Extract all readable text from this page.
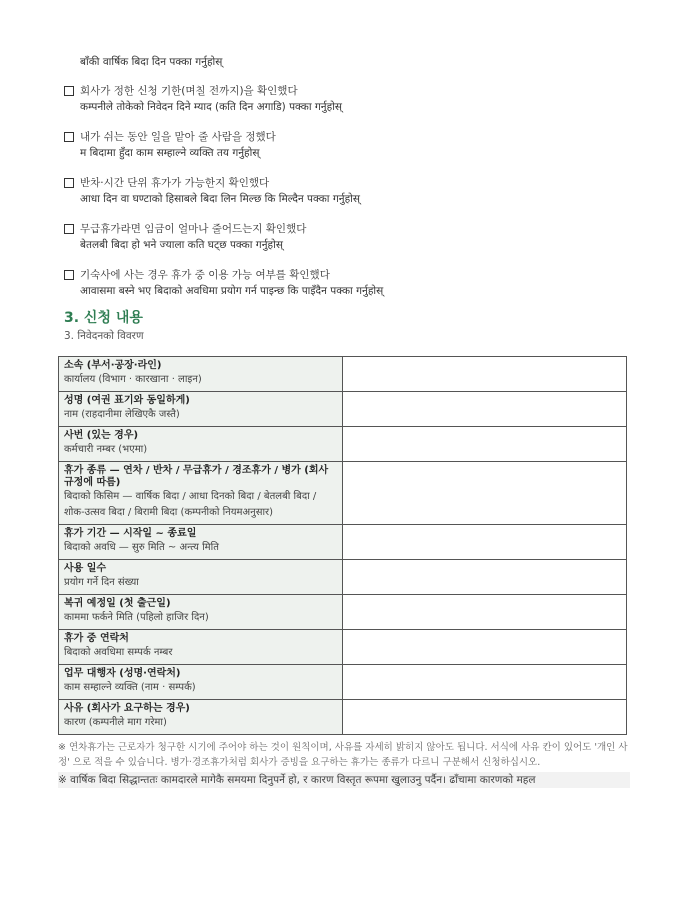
बाँकी वार्षिक बिदा दिन पक्का गर्नुहोस्
회사가 정한 신청 기한(며칠 전까지)을 확인했다
कम्पनीले तोकेको निवेदन दिने म्याद (कति दिन अगाडि) पक्का गर्नुहोस्
내가 쉬는 동안 일을 맡아 줄 사람을 정했다
म बिदामा हुँदा काम सम्हाल्ने व्यक्ति तय गर्नुहोस्
반차·시간 단위 휴가가 가능한지 확인했다
आधा दिन वा घण्टाको हिसाबले बिदा लिन मिल्छ कि मिल्दैन पक्का गर्नुहोस्
무급휴가라면 임금이 얼마나 줄어드는지 확인했다
बेतलबी बिदा हो भने ज्याला कति घट्छ पक्का गर्नुहोस्
기숙사에 사는 경우 휴가 중 이용 가능 여부를 확인했다
आवासमा बस्ने भए बिदाको अवधिमा प्रयोग गर्न पाइन्छ कि पाइँदैन पक्का गर्नुहोस्
3. 신청 내용
3. निवेदनको विवरण
소속 (부서·공장·라인)
कार्यालय (विभाग · कारखाना · लाइन)	

성명 (여권 표기와 동일하게)
नाम (राहदानीमा लेखिएकै जस्तै)	

사번 (있는 경우)
कर्मचारी नम्बर (भएमा)	

휴가 종류 — 연차 / 반차 / 무급휴가 / 경조휴가 / 병가 (회사 규정에 따름)
बिदाको किसिम — वार्षिक बिदा / आधा दिनको बिदा / बेतलबी बिदा / शोक-उत्सव बिदा / बिरामी बिदा (कम्पनीको नियमअनुसार)	

휴가 기간 — 시작일 ~ 종료일
बिदाको अवधि — सुरु मिति ~ अन्त्य मिति	

사용 일수
प्रयोग गर्ने दिन संख्या	

복귀 예정일 (첫 출근일)
काममा फर्कने मिति (पहिलो हाजिर दिन)	

휴가 중 연락처
बिदाको अवधिमा सम्पर्क नम्बर	

업무 대행자 (성명·연락처)
काम सम्हाल्ने व्यक्ति (नाम · सम्पर्क)	

사유 (회사가 요구하는 경우)
कारण (कम्पनीले माग गरेमा)	

※ 연차휴가는 근로자가 청구한 시기에 주어야 하는 것이 원칙이며, 사유를 자세히 밝히지 않아도 됩니다. 서식에 사유 칸이 있어도 '개인 사정' 으로 적을 수 있습니다. 병가·경조휴가처럼 회사가 증빙을 요구하는 휴가는 종류가 다르니 구분해서 신청하십시오.
※ वार्षिक बिदा सिद्धान्ततः कामदारले मागेकै समयमा दिनुपर्ने हो, र कारण विस्तृत रूपमा खुलाउनु पर्दैन। ढाँचामा कारणको महल
